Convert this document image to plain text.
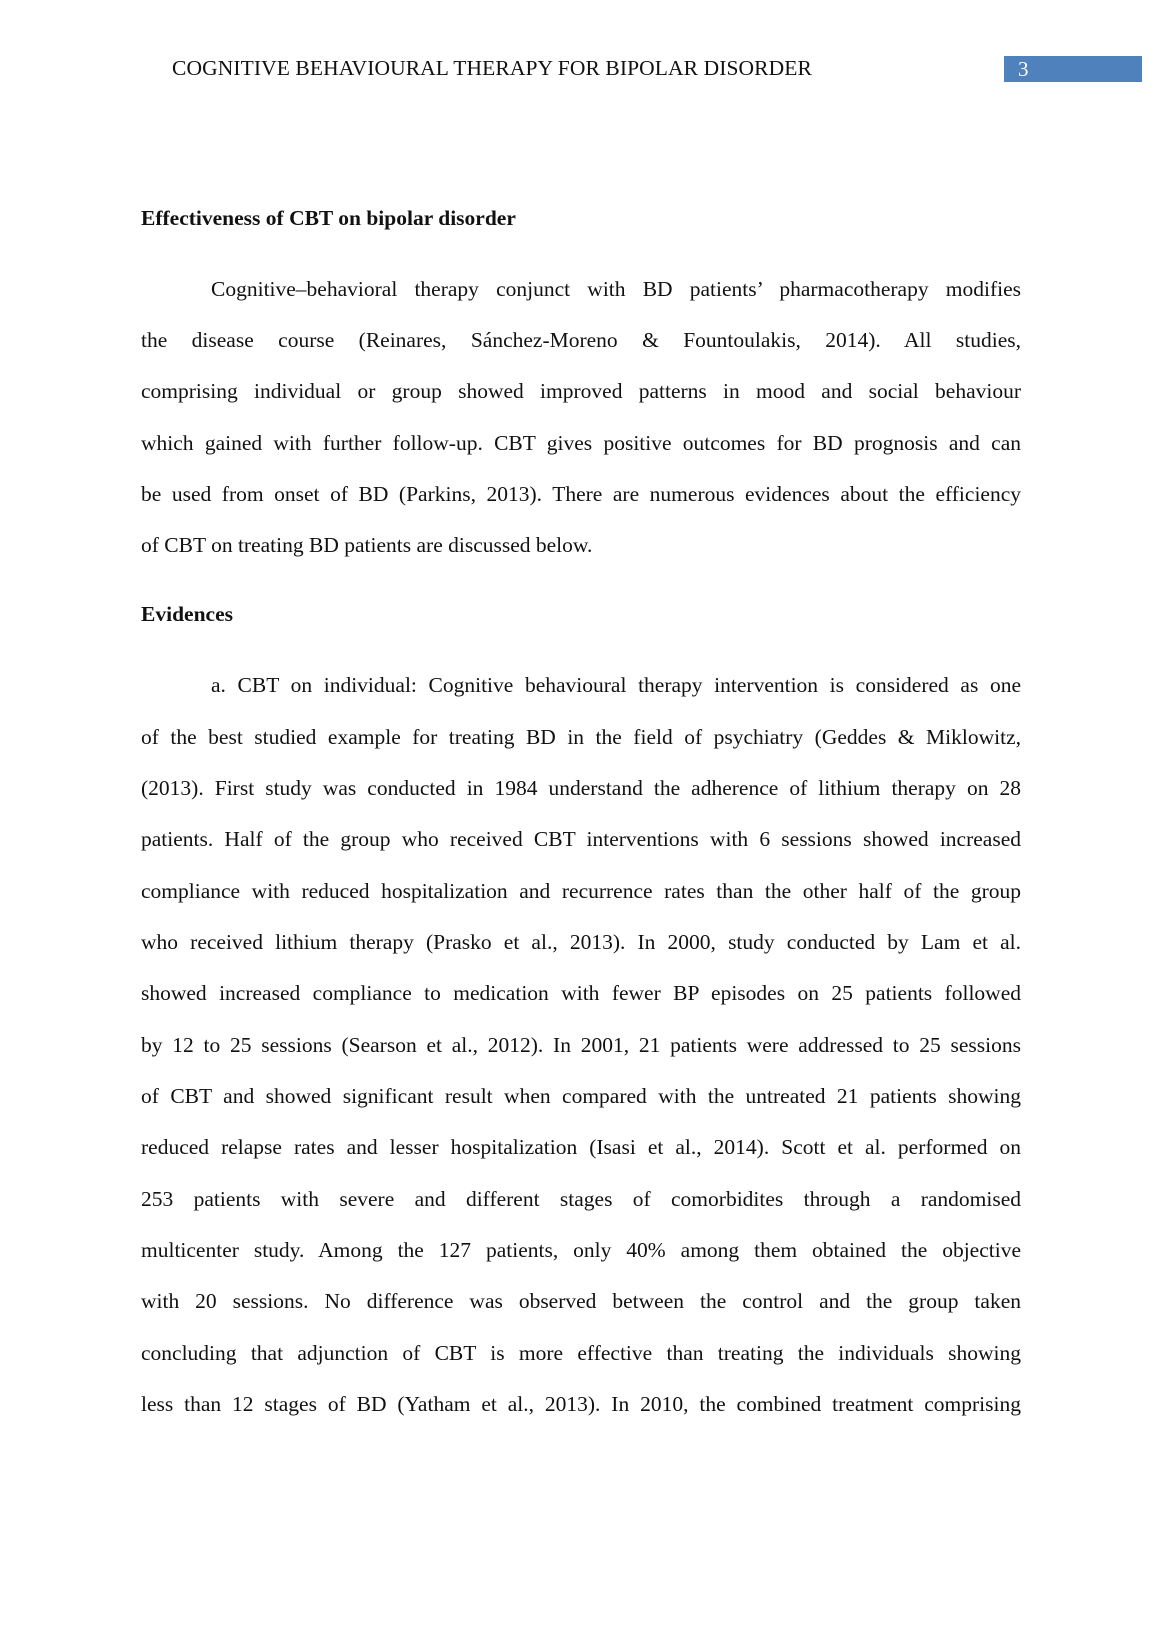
COGNITIVE BEHAVIOURAL THERAPY FOR BIPOLAR DISORDER	3
Effectiveness of CBT on bipolar disorder
Cognitive–behavioral therapy conjunct with BD patients’ pharmacotherapy modifies
the disease course (Reinares, Sánchez-Moreno & Fountoulakis, 2014). All studies,
comprising individual or group showed improved patterns in mood and social behaviour
which gained with further follow-up. CBT gives positive outcomes for BD prognosis and can
be used from onset of BD (Parkins, 2013). There are numerous evidences about the efficiency
of CBT on treating BD patients are discussed below.
Evidences
a. CBT on individual: Cognitive behavioural therapy intervention is considered as one
of the best studied example for treating BD in the field of psychiatry (Geddes & Miklowitz,
(2013). First study was conducted in 1984 understand the adherence of lithium therapy on 28
patients. Half of the group who received CBT interventions with 6 sessions showed increased
compliance with reduced hospitalization and recurrence rates than the other half of the group
who received lithium therapy (Prasko et al., 2013). In 2000, study conducted by Lam et al.
showed increased compliance to medication with fewer BP episodes on 25 patients followed
by 12 to 25 sessions (Searson et al., 2012). In 2001, 21 patients were addressed to 25 sessions
of CBT and showed significant result when compared with the untreated 21 patients showing
reduced relapse rates and lesser hospitalization (Isasi et al., 2014). Scott et al. performed on
253 patients with severe and different stages of comorbidites through a randomised
multicenter study. Among the 127 patients, only 40% among them obtained the objective
with 20 sessions. No difference was observed between the control and the group taken
concluding that adjunction of CBT is more effective than treating the individuals showing
less than 12 stages of BD (Yatham et al., 2013). In 2010, the combined treatment comprising
